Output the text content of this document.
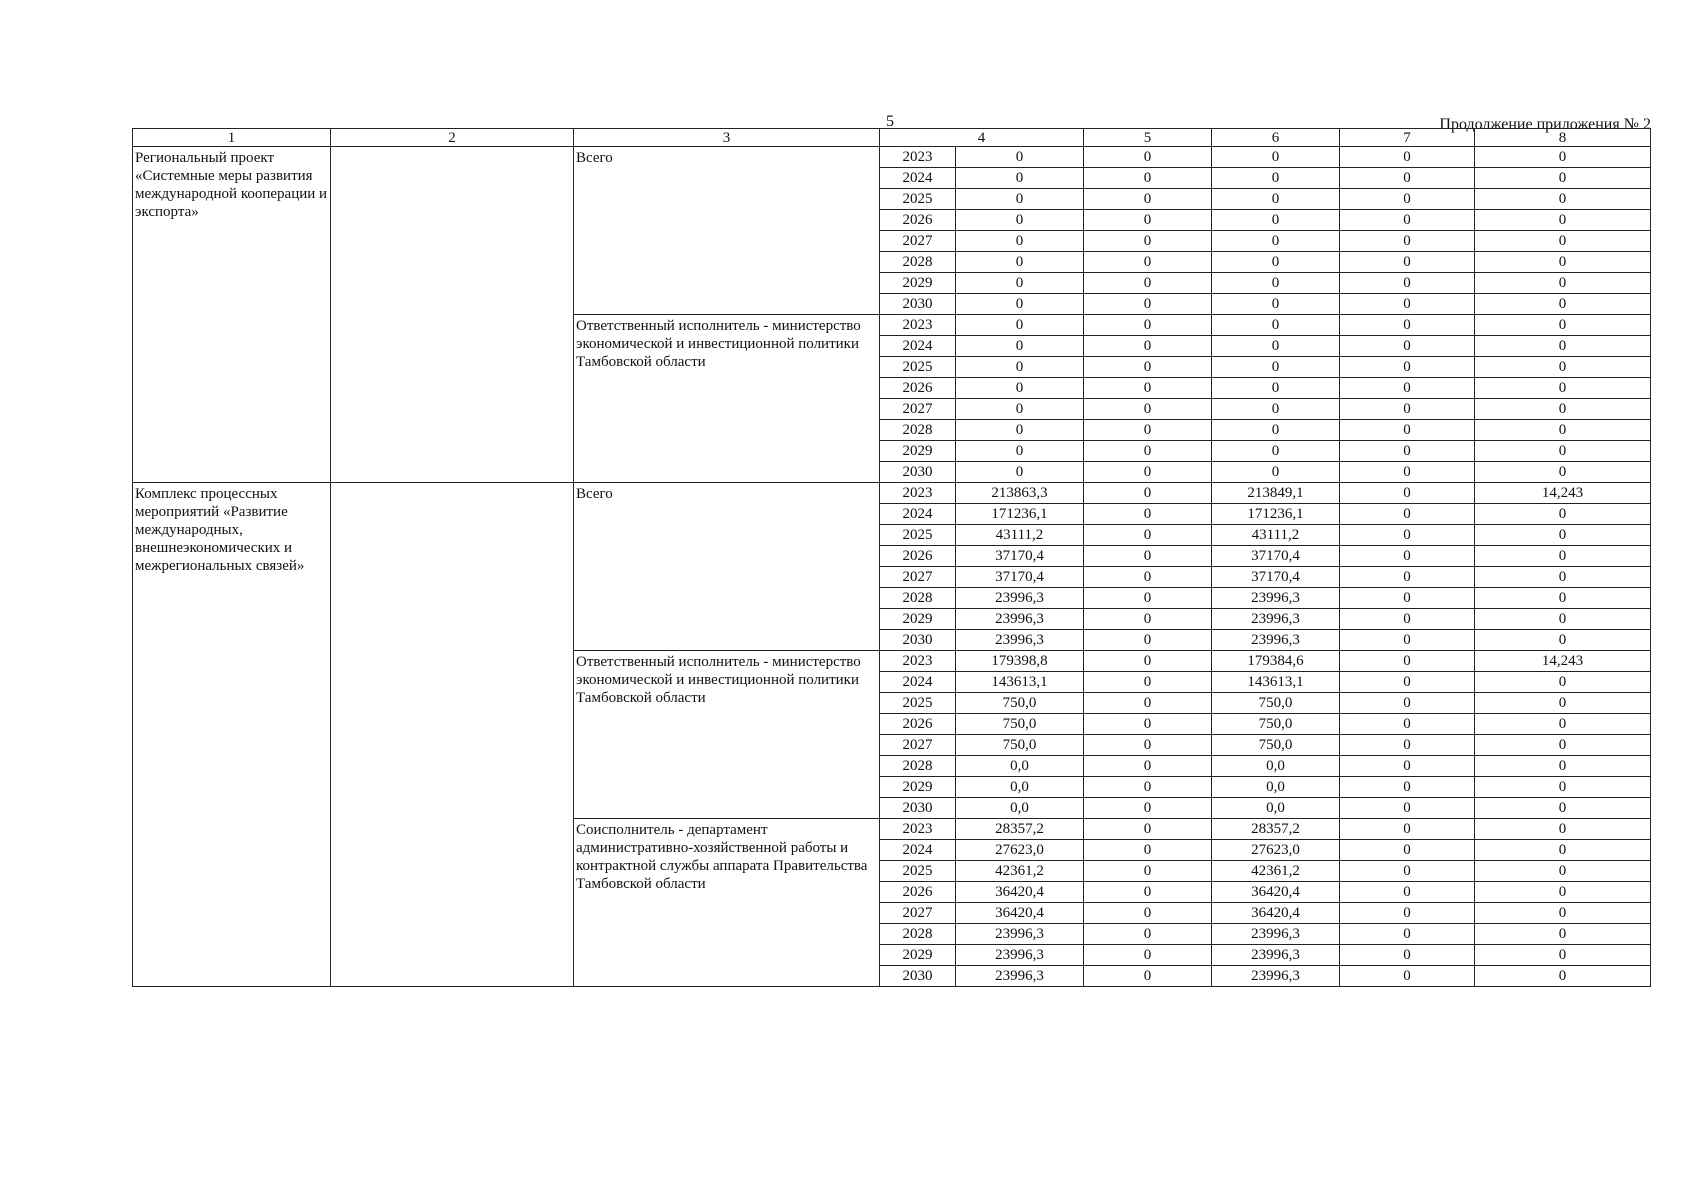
5	Продолжение приложения № 2
1	2	3	4		5	6	7	8
Региональный проект «Системные меры развития международной кооперации и экспорта»		Всего	2023	0	0	0	0	0
			2024	0	0	0	0	0
			2025	0	0	0	0	0
			2026	0	0	0	0	0
			2027	0	0	0	0	0
			2028	0	0	0	0	0
			2029	0	0	0	0	0
			2030	0	0	0	0	0
		Ответственный исполнитель - министерство экономической и инвестиционной политики Тамбовской области	2023	0	0	0	0	0
			2024	0	0	0	0	0
			2025	0	0	0	0	0
			2026	0	0	0	0	0
			2027	0	0	0	0	0
			2028	0	0	0	0	0
			2029	0	0	0	0	0
			2030	0	0	0	0	0
Комплекс процессных мероприятий «Развитие международных, внешнеэкономических и межрегиональных связей»		Всего	2023	213863,3	0	213849,1	0	14,243
			2024	171236,1	0	171236,1	0	0
			2025	43111,2	0	43111,2	0	0
			2026	37170,4	0	37170,4	0	0
			2027	37170,4	0	37170,4	0	0
			2028	23996,3	0	23996,3	0	0
			2029	23996,3	0	23996,3	0	0
			2030	23996,3	0	23996,3	0	0
		Ответственный исполнитель - министерство экономической и инвестиционной политики Тамбовской области	2023	179398,8	0	179384,6	0	14,243
			2024	143613,1	0	143613,1	0	0
			2025	750,0	0	750,0	0	0
			2026	750,0	0	750,0	0	0
			2027	750,0	0	750,0	0	0
			2028	0,0	0	0,0	0	0
			2029	0,0	0	0,0	0	0
			2030	0,0	0	0,0	0	0
		Соисполнитель - департамент административно-хозяйственной работы и контрактной службы аппарата Правительства Тамбовской области	2023	28357,2	0	28357,2	0	0
			2024	27623,0	0	27623,0	0	0
			2025	42361,2	0	42361,2	0	0
			2026	36420,4	0	36420,4	0	0
			2027	36420,4	0	36420,4	0	0
			2028	23996,3	0	23996,3	0	0
			2029	23996,3	0	23996,3	0	0
			2030	23996,3	0	23996,3	0	0
